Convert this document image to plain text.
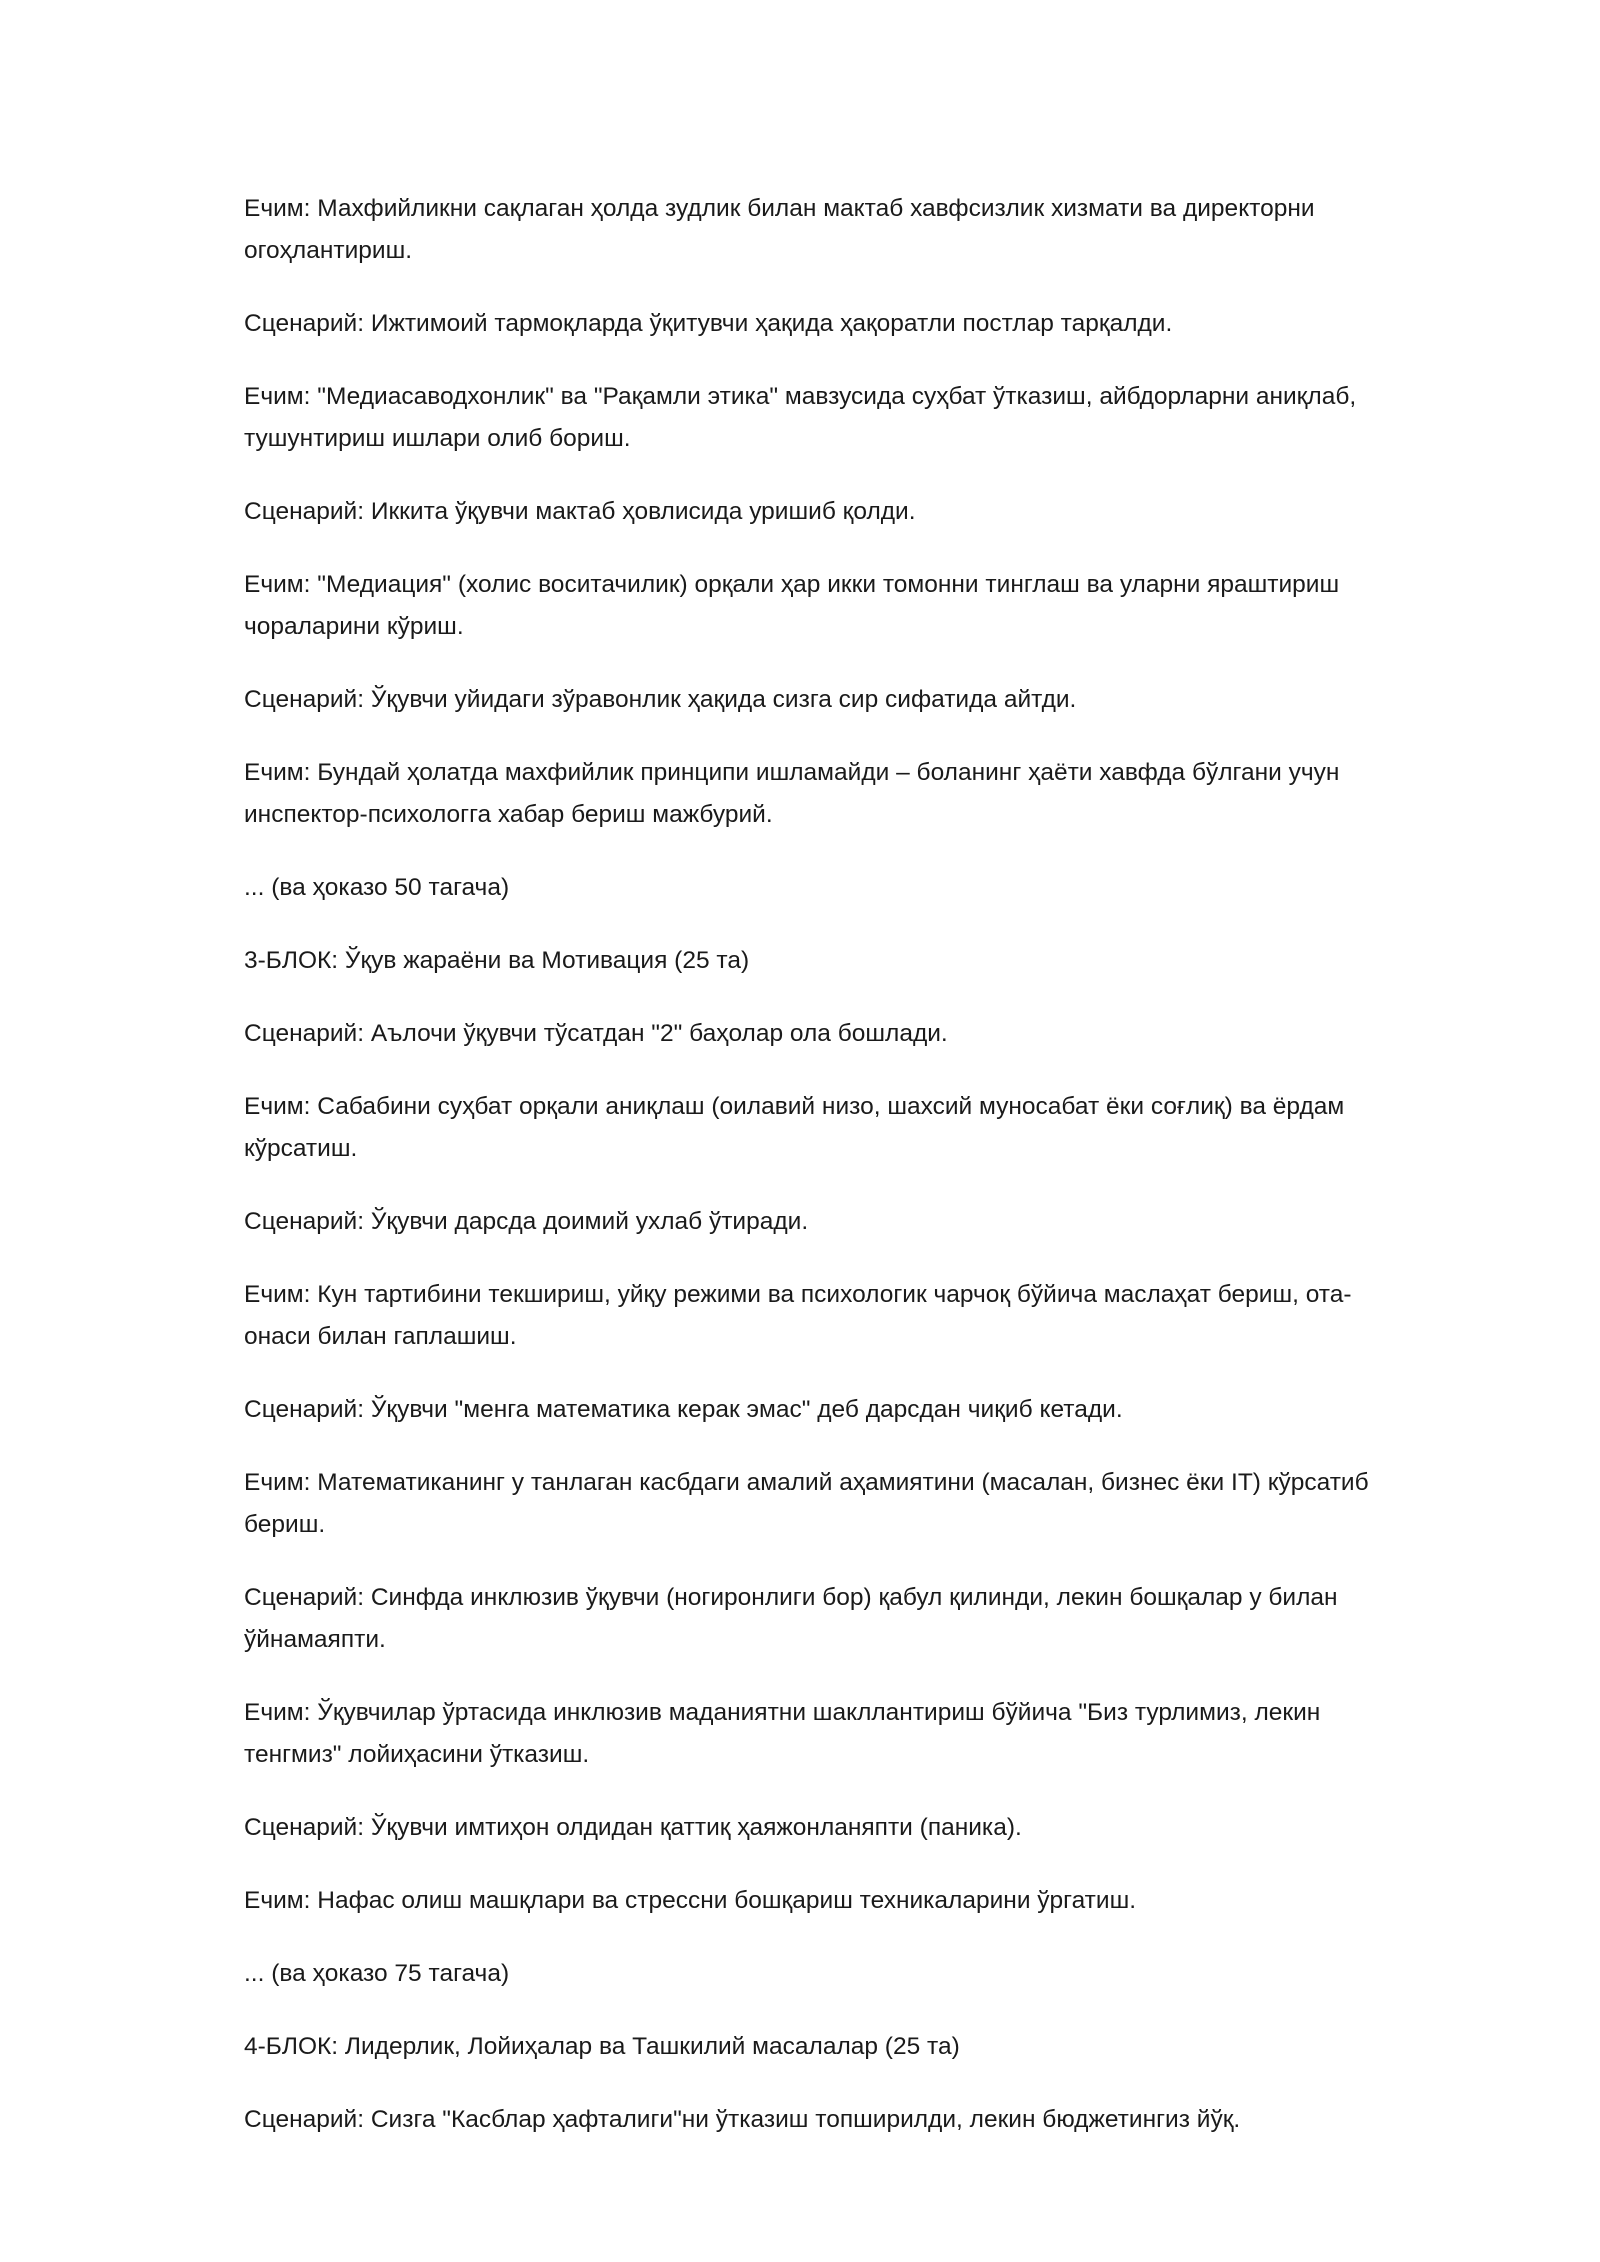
Ечим: Махфийликни сақлаган ҳолда зудлик билан мактаб хавфсизлик хизмати ва директорни огоҳлантириш.

Сценарий: Ижтимоий тармоқларда ўқитувчи ҳақида ҳақоратли постлар тарқалди.

Ечим: "Медиасаводхонлик" ва "Рақамли этика" мавзусида суҳбат ўтказиш, айбдорларни аниқлаб, тушунтириш ишлари олиб бориш.

Сценарий: Иккита ўқувчи мактаб ҳовлисида уришиб қолди.

Ечим: "Медиация" (холис воситачилик) орқали ҳар икки томонни тинглаш ва уларни яраштириш чораларини кўриш.

Сценарий: Ўқувчи уйидаги зўравонлик ҳақида сизга сир сифатида айтди.

Ечим: Бундай ҳолатда махфийлик принципи ишламайди – боланинг ҳаёти хавфда бўлгани учун инспектор-психологга хабар бериш мажбурий.

... (ва ҳоказо 50 тагача)

3-БЛОК: Ўқув жараёни ва Мотивация (25 та)

Сценарий: Аълочи ўқувчи тўсатдан "2" баҳолар ола бошлади.

Ечим: Сабабини суҳбат орқали аниқлаш (оилавий низо, шахсий муносабат ёки соғлиқ) ва ёрдам кўрсатиш.

Сценарий: Ўқувчи дарсда доимий ухлаб ўтиради.

Ечим: Кун тартибини текшириш, уйқу режими ва психологик чарчоқ бўйича маслаҳат бериш, ота-онаси билан гаплашиш.

Сценарий: Ўқувчи "менга математика керак эмас" деб дарсдан чиқиб кетади.

Ечим: Математиканинг у танлаган касбдаги амалий аҳамиятини (масалан, бизнес ёки IT) кўрсатиб бериш.

Сценарий: Синфда инклюзив ўқувчи (ногиронлиги бор) қабул қилинди, лекин бошқалар у билан ўйнамаяпти.

Ечим: Ўқувчилар ўртасида инклюзив маданиятни шакллантириш бўйича "Биз турлимиз, лекин тенгмиз" лойиҳасини ўтказиш.

Сценарий: Ўқувчи имтиҳон олдидан қаттиқ ҳаяжонланяпти (паника).

Ечим: Нафас олиш машқлари ва стрессни бошқариш техникаларини ўргатиш.

... (ва ҳоказо 75 тагача)

4-БЛОК: Лидерлик, Лойиҳалар ва Ташкилий масалалар (25 та)

Сценарий: Сизга "Касблар ҳафталиги"ни ўтказиш топширилди, лекин бюджетингиз йўқ.
